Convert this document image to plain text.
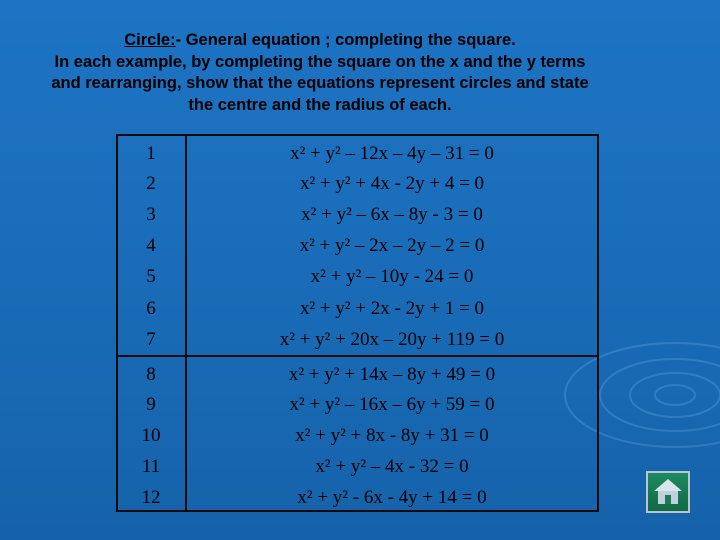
Circle:- General equation ; completing the square.
In each example, by completing the square on the x and the y terms
and rearranging, show that the equations represent circles and state
the centre and the radius of each.
1	x² + y² – 12x – 4y – 31 = 0
2	x² + y² + 4x - 2y + 4 = 0
3	x² + y² – 6x – 8y - 3 = 0
4	x² + y² – 2x – 2y – 2 = 0
5	x² + y² – 10y - 24 = 0
6	x² + y² + 2x - 2y + 1 = 0
7	x² + y² + 20x – 20y + 119 = 0
8	x² + y² + 14x – 8y + 49 = 0
9	x² + y² – 16x – 6y + 59 = 0
10	x² + y² + 8x - 8y + 31 = 0
11	x² + y² – 4x - 32 = 0
12	x² + y² - 6x - 4y + 14 = 0
